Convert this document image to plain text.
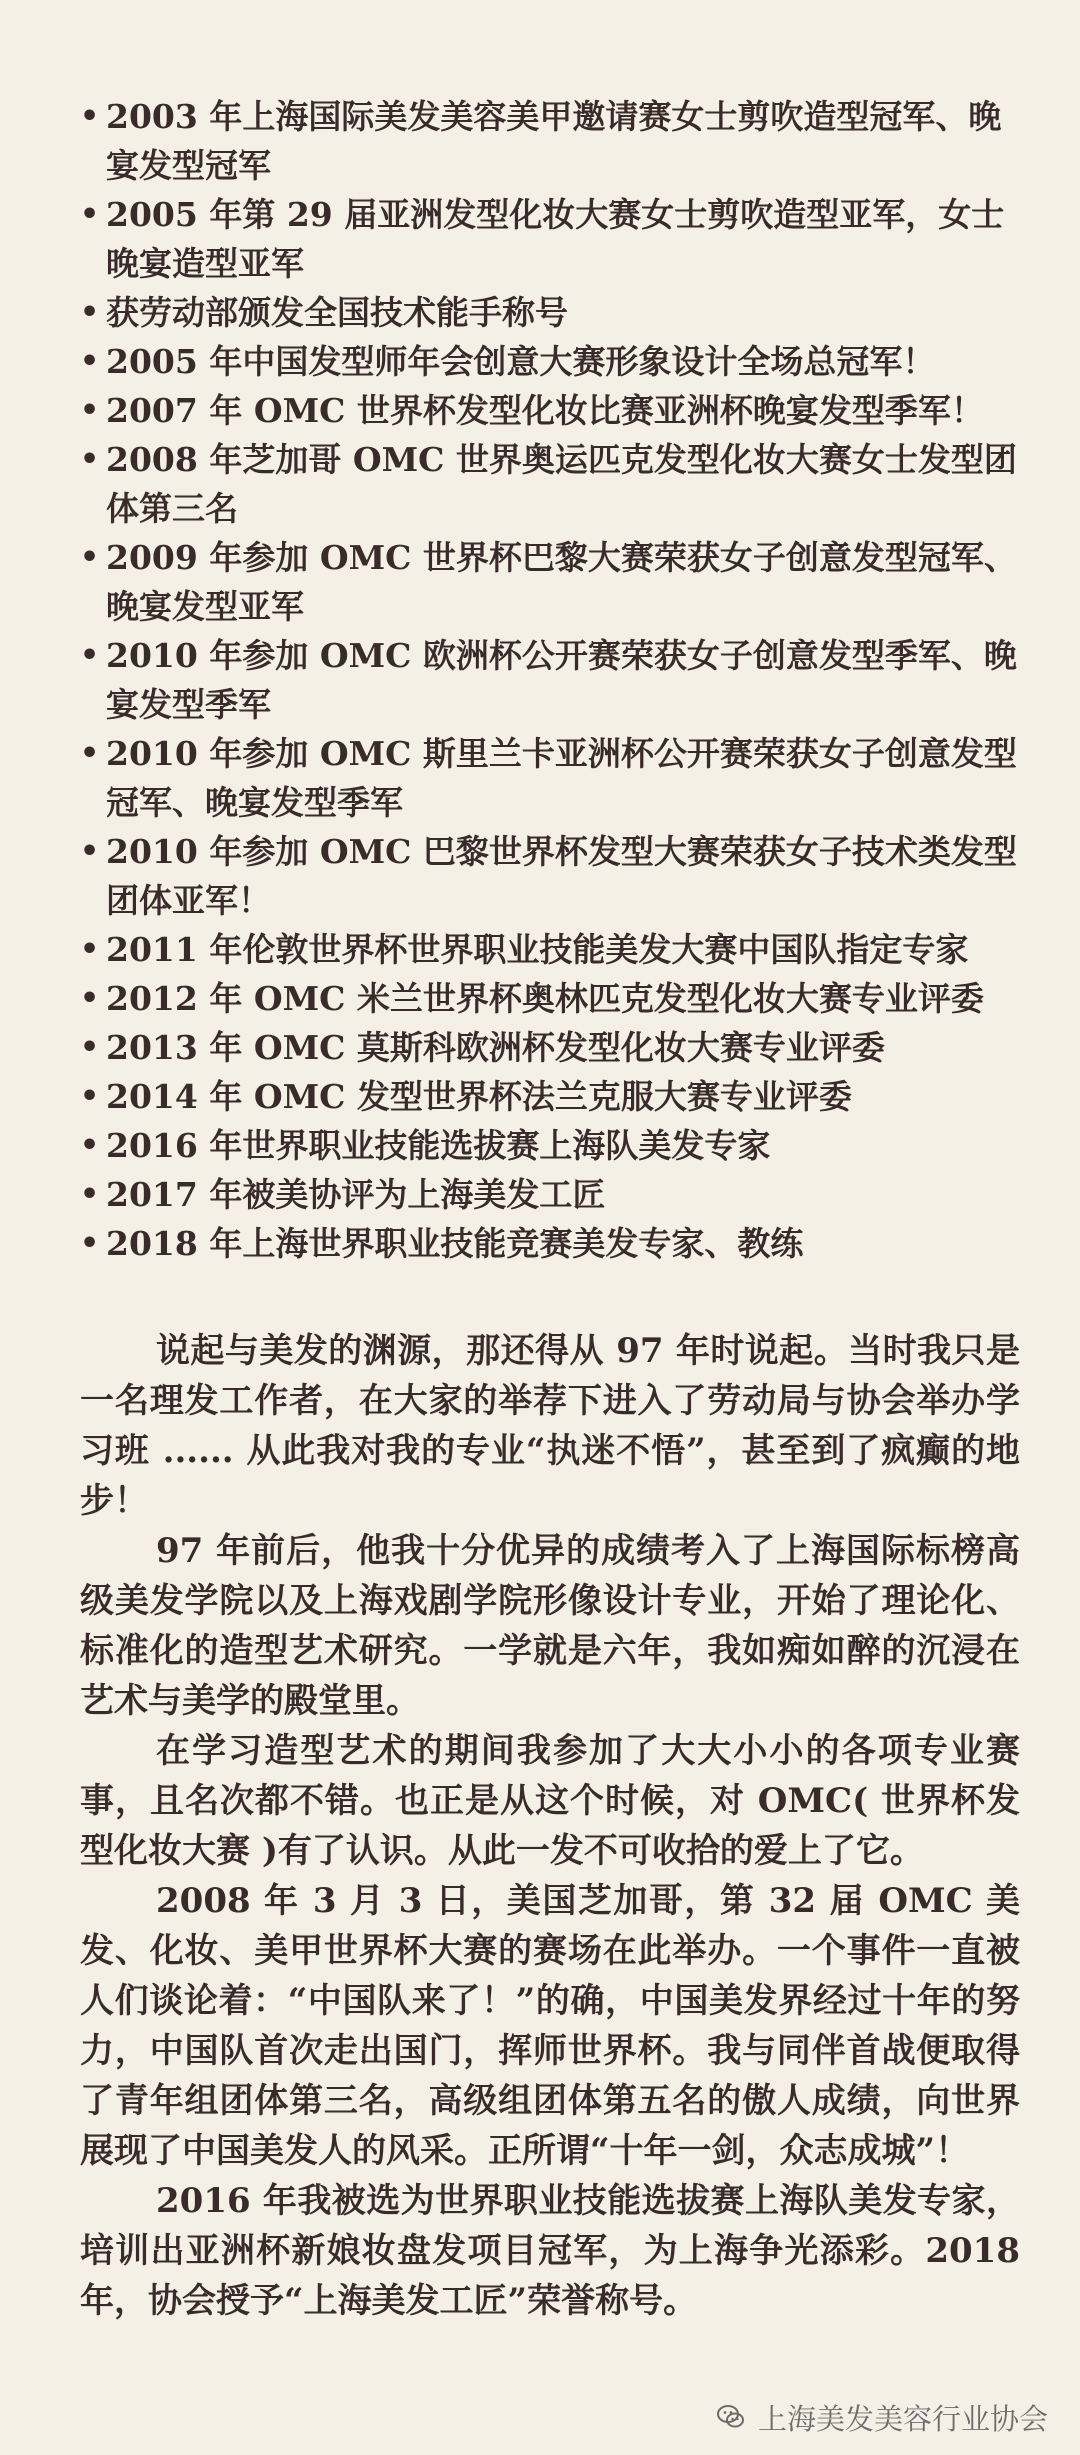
• 2003 年上海国际美发美容美甲邀请赛女士剪吹造型冠军、晚宴发型冠军
• 2005 年第 29 届亚洲发型化妆大赛女士剪吹造型亚军，女士晚宴造型亚军
• 获劳动部颁发全国技术能手称号
• 2005 年中国发型师年会创意大赛形象设计全场总冠军！
• 2007 年 OMC 世界杯发型化妆比赛亚洲杯晚宴发型季军！
• 2008 年芝加哥 OMC 世界奥运匹克发型化妆大赛女士发型团体第三名
• 2009 年参加 OMC 世界杯巴黎大赛荣获女子创意发型冠军、晚宴发型亚军
• 2010 年参加 OMC 欧洲杯公开赛荣获女子创意发型季军、晚宴发型季军
• 2010 年参加 OMC 斯里兰卡亚洲杯公开赛荣获女子创意发型冠军、晚宴发型季军
• 2010 年参加 OMC 巴黎世界杯发型大赛荣获女子技术类发型团体亚军！
• 2011 年伦敦世界杯世界职业技能美发大赛中国队指定专家
• 2012 年 OMC 米兰世界杯奥林匹克发型化妆大赛专业评委
• 2013 年 OMC 莫斯科欧洲杯发型化妆大赛专业评委
• 2014 年 OMC 发型世界杯法兰克服大赛专业评委
• 2016 年世界职业技能选拔赛上海队美发专家
• 2017 年被美协评为上海美发工匠
• 2018 年上海世界职业技能竞赛美发专家、教练

说起与美发的渊源，那还得从 97 年时说起。当时我只是一名理发工作者，在大家的举荐下进入了劳动局与协会举办学习班 ...... 从此我对我的专业“执迷不悟”，甚至到了疯癫的地步！

97 年前后，他我十分优异的成绩考入了上海国际标榜高级美发学院以及上海戏剧学院形像设计专业，开始了理论化、标准化的造型艺术研究。一学就是六年，我如痴如醉的沉浸在艺术与美学的殿堂里。

在学习造型艺术的期间我参加了大大小小的各项专业赛事，且名次都不错。也正是从这个时候，对 OMC( 世界杯发型化妆大赛 )有了认识。从此一发不可收拾的爱上了它。

2008 年 3 月 3 日，美国芝加哥，第 32 届 OMC 美发、化妆、美甲世界杯大赛的赛场在此举办。一个事件一直被人们谈论着：“中国队来了！”的确，中国美发界经过十年的努力，中国队首次走出国门，挥师世界杯。我与同伴首战便取得了青年组团体第三名，高级组团体第五名的傲人成绩，向世界展现了中国美发人的风采。正所谓“十年一剑，众志成城”！

2016 年我被选为世界职业技能选拔赛上海队美发专家，培训出亚洲杯新娘妆盘发项目冠军，为上海争光添彩。2018 年，协会授予“上海美发工匠”荣誉称号。

上海美发美容行业协会
